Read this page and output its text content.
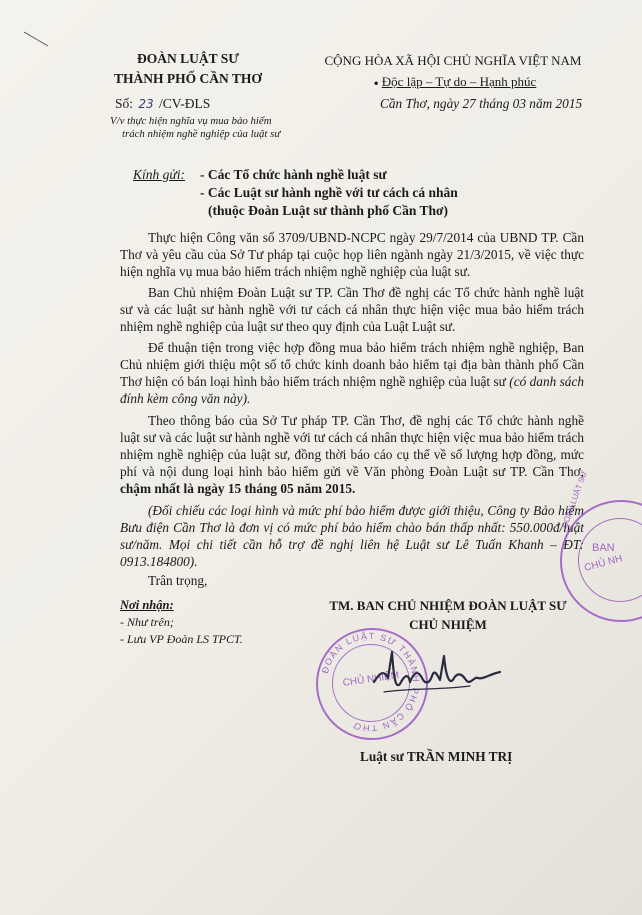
ĐOÀN LUẬT SƯ
THÀNH PHỐ CẦN THƠ
Số: 23 /CV-ĐLS
V/v thực hiện nghĩa vụ mua bảo hiểm
trách nhiệm nghề nghiệp của luật sư
CỘNG HÒA XÃ HỘI CHỦ NGHĨA VIỆT NAM
● Độc lập – Tự do – Hạnh phúc
Cần Thơ, ngày 27 tháng 03 năm 2015
Kính gửi: - Các Tổ chức hành nghề luật sư
- Các Luật sư hành nghề với tư cách cá nhân
(thuộc Đoàn Luật sư thành phố Cần Thơ)

Thực hiện Công văn số 3709/UBND-NCPC ngày 29/7/2014 của UBND TP. Cần Thơ và yêu cầu của Sở Tư pháp tại cuộc họp liên ngành ngày 21/3/2015, về việc thực hiện nghĩa vụ mua bảo hiểm trách nhiệm nghề nghiệp của luật sư.

Ban Chủ nhiệm Đoàn Luật sư TP. Cần Thơ đề nghị các Tổ chức hành nghề luật sư và các luật sư hành nghề với tư cách cá nhân thực hiện việc mua bảo hiểm trách nhiệm nghề nghiệp của luật sư theo quy định của Luật Luật sư.

Để thuận tiện trong việc hợp đồng mua bảo hiểm trách nhiệm nghề nghiệp, Ban Chủ nhiệm giới thiệu một số tổ chức kinh doanh bảo hiểm tại địa bàn thành phố Cần Thơ hiện có bán loại hình bảo hiểm trách nhiệm nghề nghiệp của luật sư (có danh sách đính kèm công văn này).

Theo thông báo của Sở Tư pháp TP. Cần Thơ, đề nghị các Tổ chức hành nghề luật sư và các luật sư hành nghề với tư cách cá nhân thực hiện việc mua bảo hiểm trách nhiệm nghề nghiệp của luật sư, đồng thời báo cáo cụ thể về số lượng hợp đồng, mức phí và nội dung loại hình bảo hiểm gửi về Văn phòng Đoàn Luật sư TP. Cần Thơ, chậm nhất là ngày 15 tháng 05 năm 2015.

(Đối chiếu các loại hình và mức phí bảo hiểm được giới thiệu, Công ty Bảo hiểm Bưu điện Cần Thơ là đơn vị có mức phí bảo hiểm chào bán thấp nhất: 550.000đ/luật sư/năm. Mọi chi tiết cần hỗ trợ đề nghị liên hệ Luật sư Lê Tuấn Khanh – ĐT: 0913.184800).

Trân trọng,
Nơi nhận:
- Như trên;
- Lưu VP Đoàn LS TPCT.
TM. BAN CHỦ NHIỆM ĐOÀN LUẬT SƯ
CHỦ NHIỆM
ĐOÀN LUẬT SƯ THÀNH PHỐ CẦN THƠ
CHỦ NHIỆM
Luật sư TRẦN MINH TRỊ
BAN
CHỦ NH
ĐOÀN LUẬT SƯ
